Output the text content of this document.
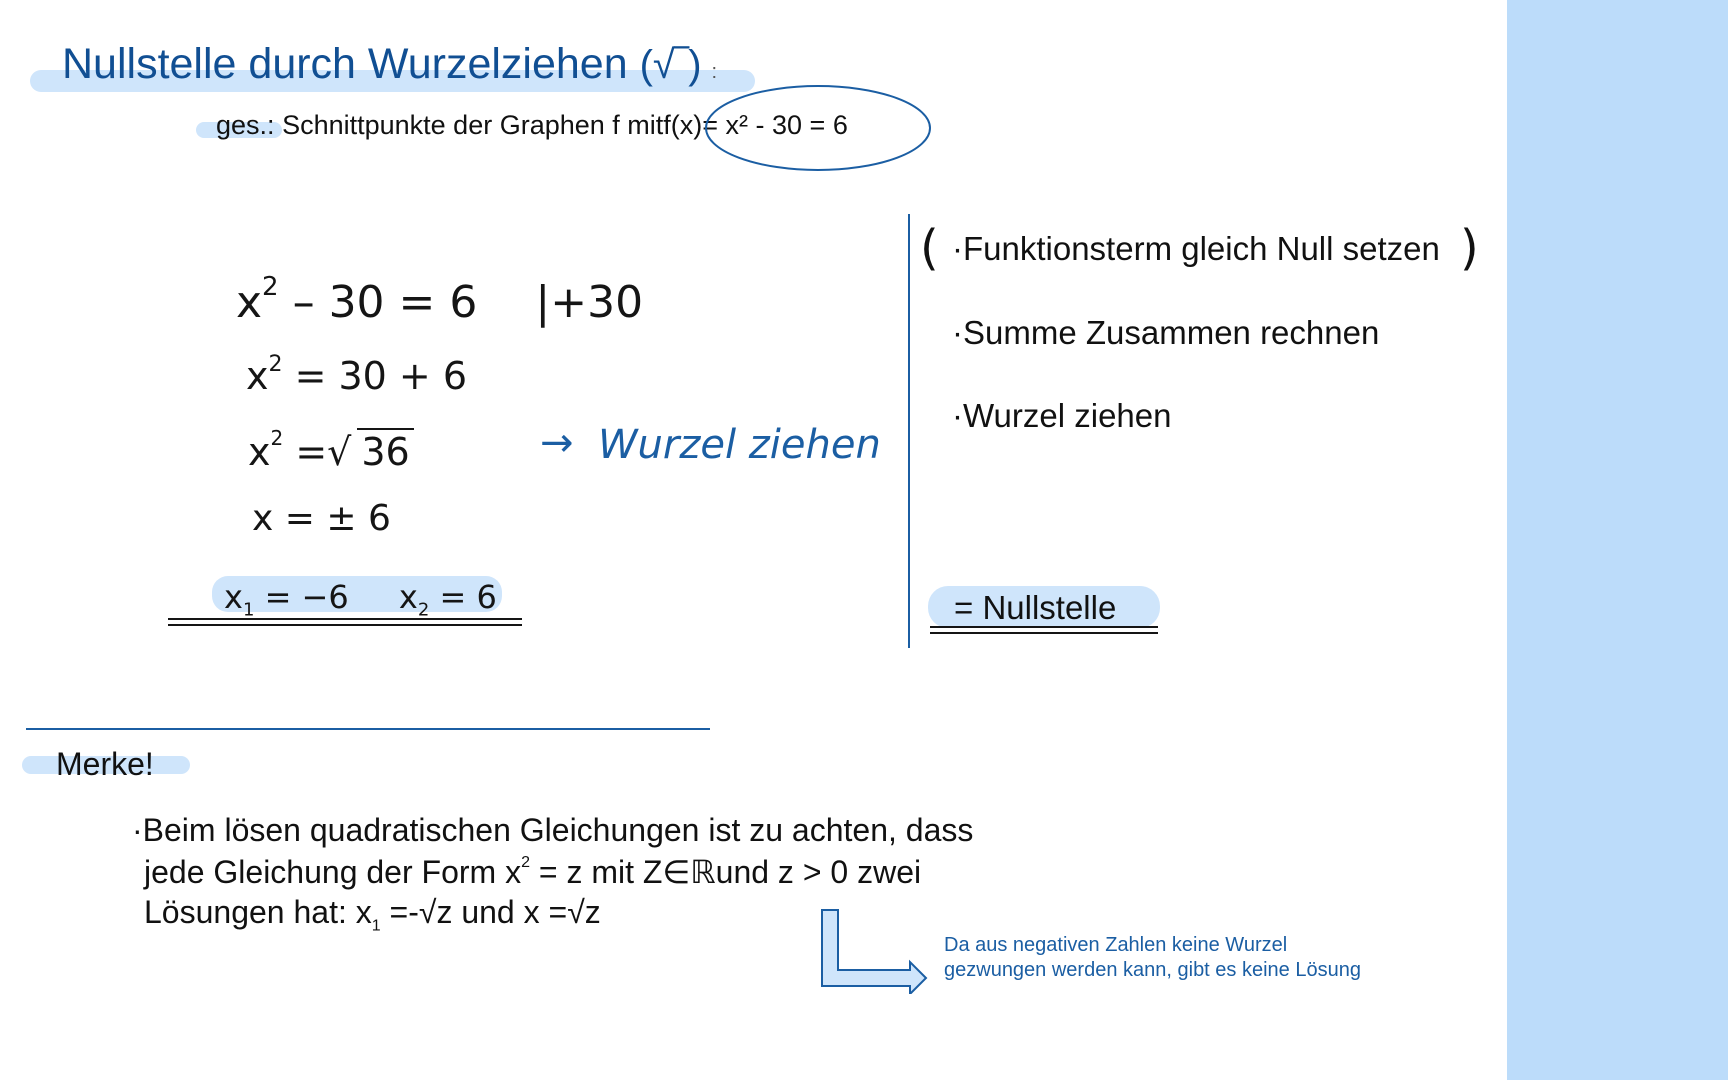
Nullstelle durch Wurzelziehen (√‾) :
ges.: Schnittpunkte der Graphen f mitf(x)= x² - 30 = 6
$x^2 - 30 = 6$ |+30
$x^2 = 30 + 6$
$x^2$ =√ 36
x = ± 6
$x_1 = -6$ $x_2 = 6$
→ Wurzel ziehen
(	)
·Funktionsterm gleich Null setzen
·Summe Zusammen rechnen
·Wurzel ziehen
= Nullstelle
Merke!
·Beim lösen quadratischen Gleichungen ist zu achten, dass
jede Gleichung der Form $x^2 = z$ mit Z∈ℝund z > 0 zwei
Lösungen hat: $x_1 =-√z$ und x =√z
Da aus negativen Zahlen keine Wurzel gezwungen werden kann, gibt es keine Lösung
